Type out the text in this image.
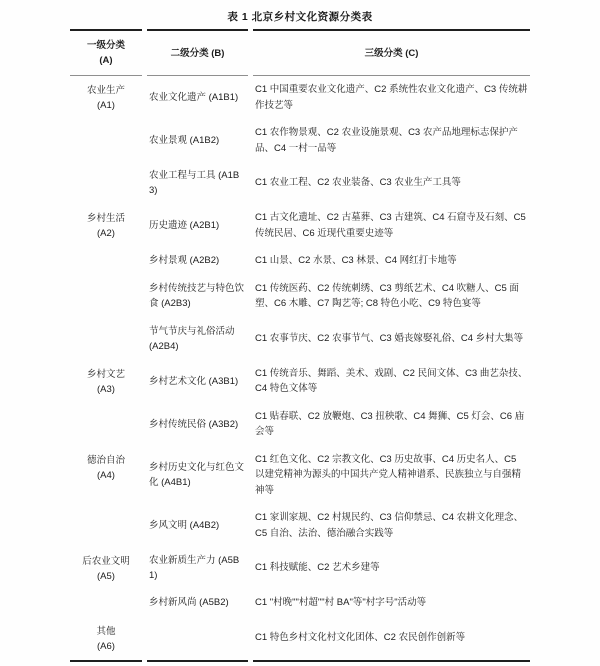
表 1 北京乡村文化资源分类表
一级分类
(A)	二级分类 (B)	三级分类 (C)

农业生产
(A1)	农业文化遗产 (A1B1)	C1 中国重要农业文化遗产、C2 系统性农业文化遗产、C3 传统耕作技艺等
	农业景观 (A1B2)	C1 农作物景观、C2 农业设施景观、C3 农产品地理标志保护产品、C4 一村一品等
	农业工程与工具 (A1B3)	C1 农业工程、C2 农业装备、C3 农业生产工具等

乡村生活
(A2)	历史遗迹 (A2B1)	C1 古文化遗址、C2 古墓葬、C3 古建筑、C4 石窟寺及石刻、C5 传统民居、C6 近现代重要史迹等
	乡村景观 (A2B2)	C1 山景、C2 水景、C3 林景、C4 网红打卡地等
	乡村传统技艺与特色饮食 (A2B3)	C1 传统医药、C2 传统刺绣、C3 剪纸艺术、C4 吹糖人、C5 面塑、C6 木雕、C7 陶艺等; C8 特色小吃、C9 特色宴等
	节气节庆与礼俗活动 (A2B4)	C1 农事节庆、C2 农事节气、C3 婚丧嫁娶礼俗、C4 乡村大集等

乡村文艺
(A3)	乡村艺术文化 (A3B1)	C1 传统音乐、舞蹈、美术、戏剧、C2 民间文体、C3 曲艺杂技、C4 特色文体等
	乡村传统民俗 (A3B2)	C1 贴春联、C2 放鞭炮、C3 扭秧歌、C4 舞狮、C5 灯会、C6 庙会等

德治自治
(A4)	乡村历史文化与红色文化 (A4B1)	C1 红色文化、C2 宗教文化、C3 历史故事、C4 历史名人、C5 以建党精神为源头的中国共产党人精神谱系、民族独立与自强精神等
	乡风文明 (A4B2)	C1 家训家规、C2 村规民约、C3 信仰禁忌、C4 农耕文化理念、C5 自治、法治、德治融合实践等

后农业文明
(A5)	农业新质生产力 (A5B1)	C1 科技赋能、C2 艺术乡建等
	乡村新风尚 (A5B2)	C1 "村晚""村超""村 BA"等"村字号"活动等

其他
(A6)		C1 特色乡村文化村文化团体、C2 农民创作创新等
